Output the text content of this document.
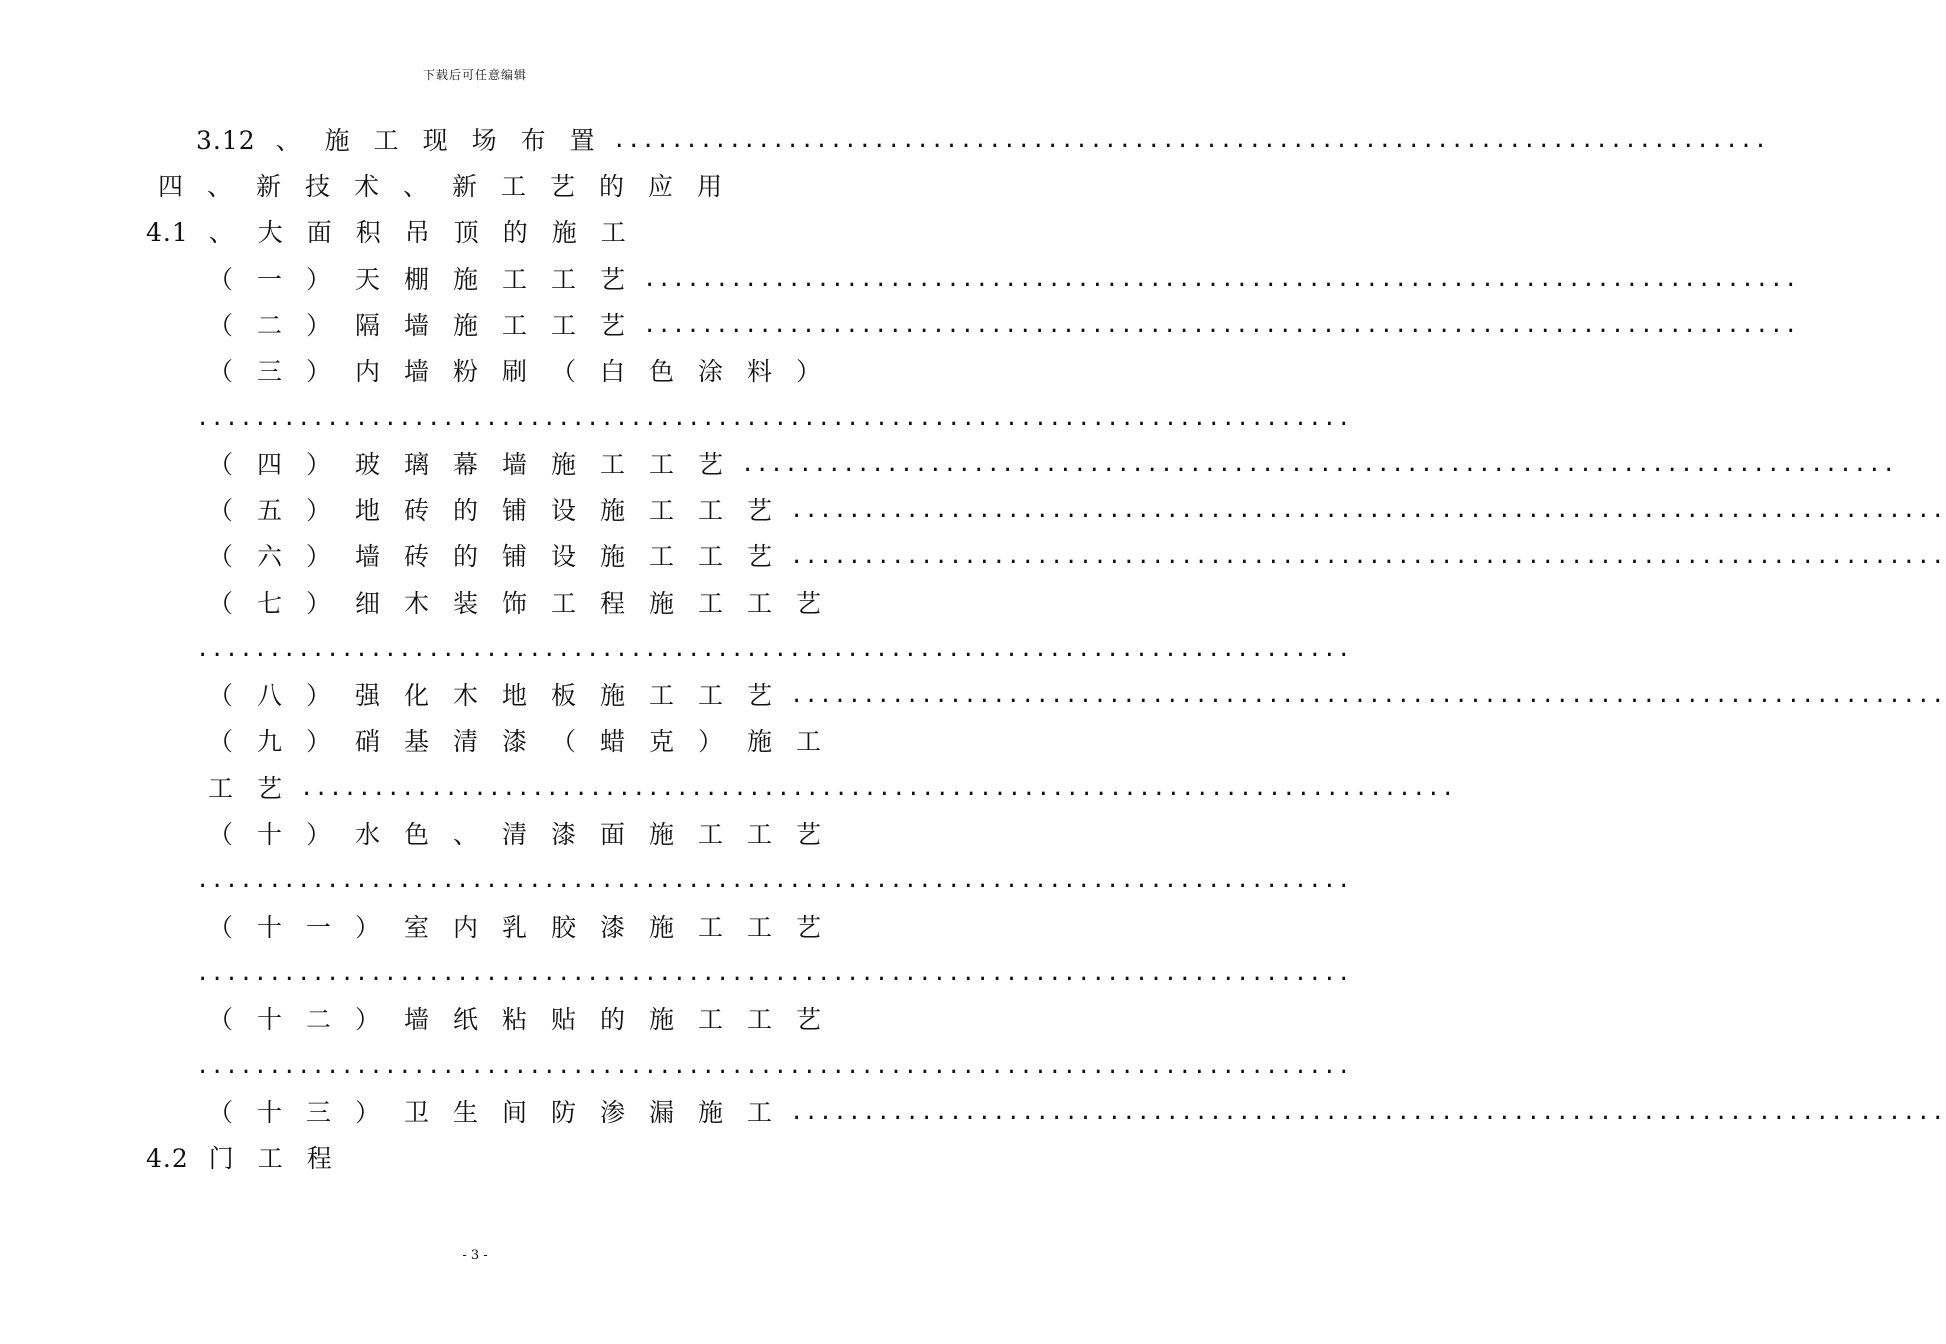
下载后可任意编辑
3.12 、 施 工 现 场 布 置
四 、 新 技 术 、 新 工 艺 的 应 用
4.1 、 大 面 积 吊 顶 的 施 工
（ 一 ） 天 棚 施 工 工 艺
（ 二 ） 隔 墙 施 工 工 艺
（ 三 ） 内 墙 粉 刷 （ 白 色 涂 料 ）
（ 四 ） 玻 璃 幕 墙 施 工 工 艺
（ 五 ） 地 砖 的 铺 设 施 工 工 艺
（ 六 ） 墙 砖 的 铺 设 施 工 工 艺
（ 七 ） 细 木 装 饰 工 程 施 工 工 艺
（ 八 ） 强 化 木 地 板 施 工 工 艺
（ 九 ） 硝 基 清 漆 （ 蜡 克 ） 施 工
工 艺
（ 十 ） 水 色 、 清 漆 面 施 工 工 艺
（ 十 一 ） 室 内 乳 胶 漆 施 工 工 艺
（ 十 二 ） 墙 纸 粘 贴 的 施 工 工 艺
（ 十 三 ） 卫 生 间 防 渗 漏 施 工
4.2 门 工 程
- 3 -
................................................................................
................................................................................
................................................................................
................................................................................
................................................................................
................................................................................
................................................................................
................................................................................
................................................................................
................................................................................
................................................................................
................................................................................
................................................................................
................................................................................
